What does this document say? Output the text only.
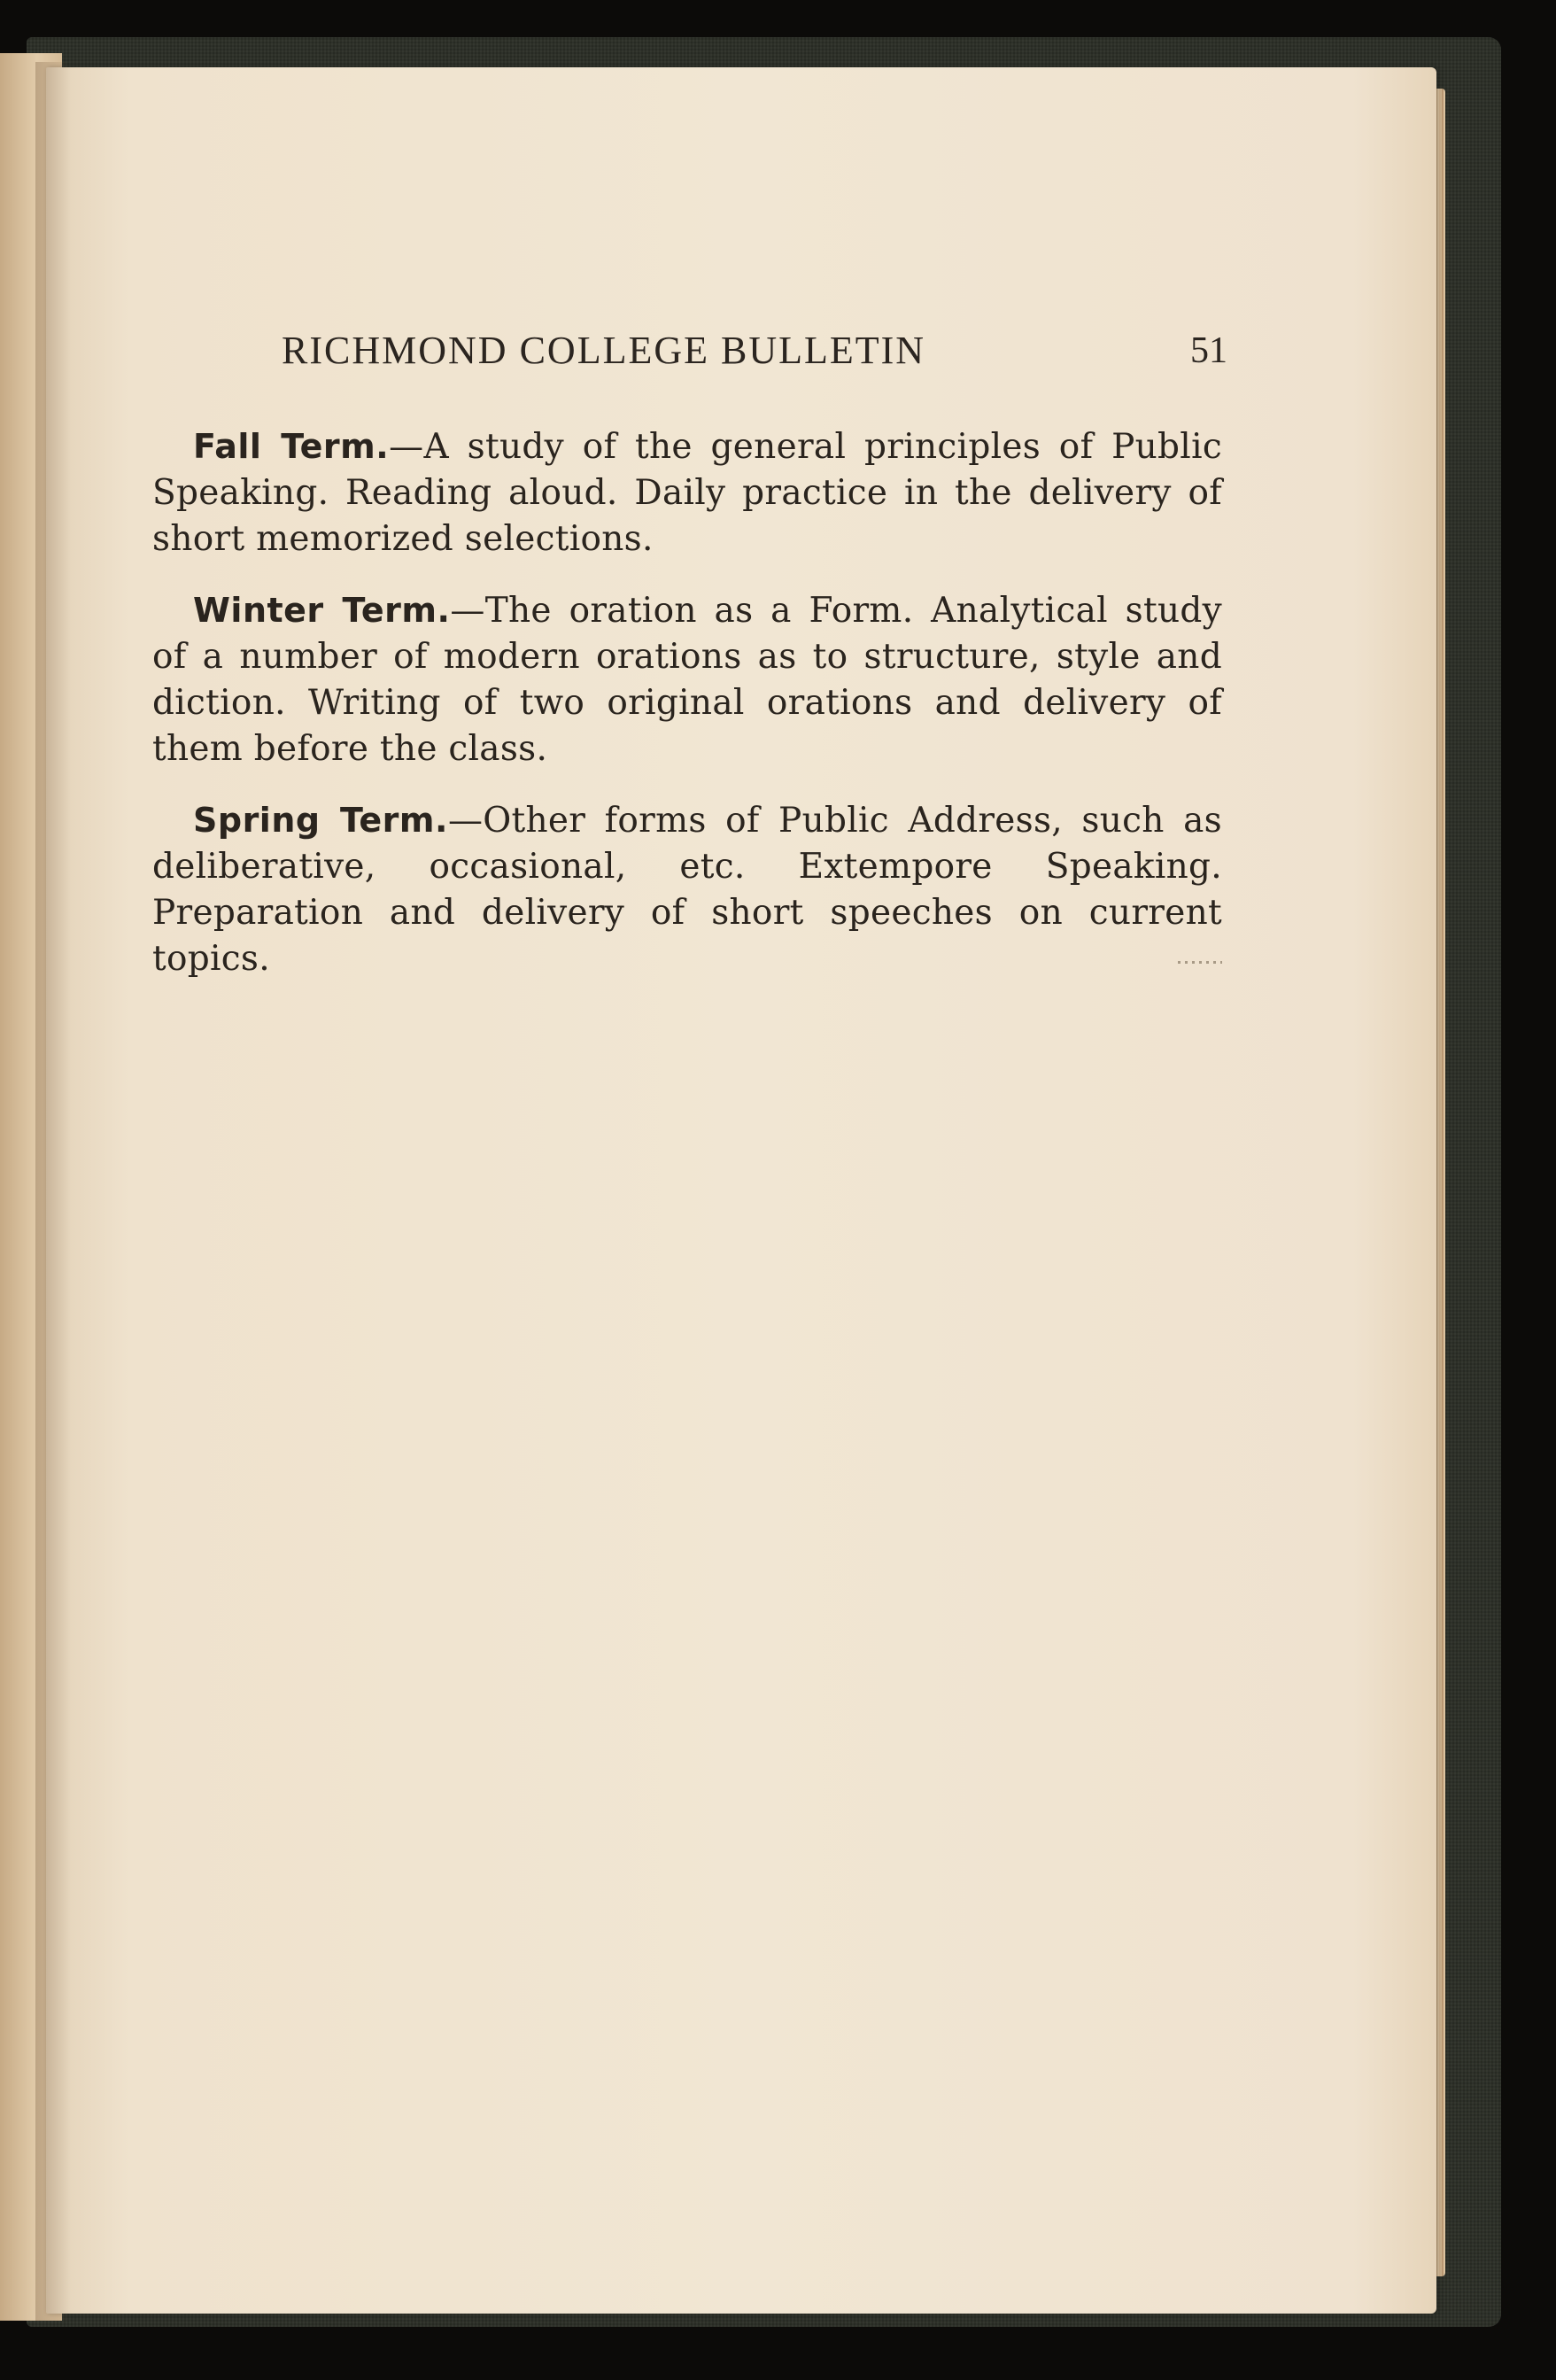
RICHMOND COLLEGE BULLETIN	51

Fall Term.—A study of the general principles of Public Speaking. Reading aloud. Daily practice in the delivery of short memorized selections.

Winter Term.—The oration as a Form. Analytical study of a number of modern orations as to structure, style and diction. Writing of two original orations and delivery of them before the class.

Spring Term.—Other forms of Public Address, such as deliberative, occasional, etc. Extempore Speaking. Preparation and delivery of short speeches on current topics.
